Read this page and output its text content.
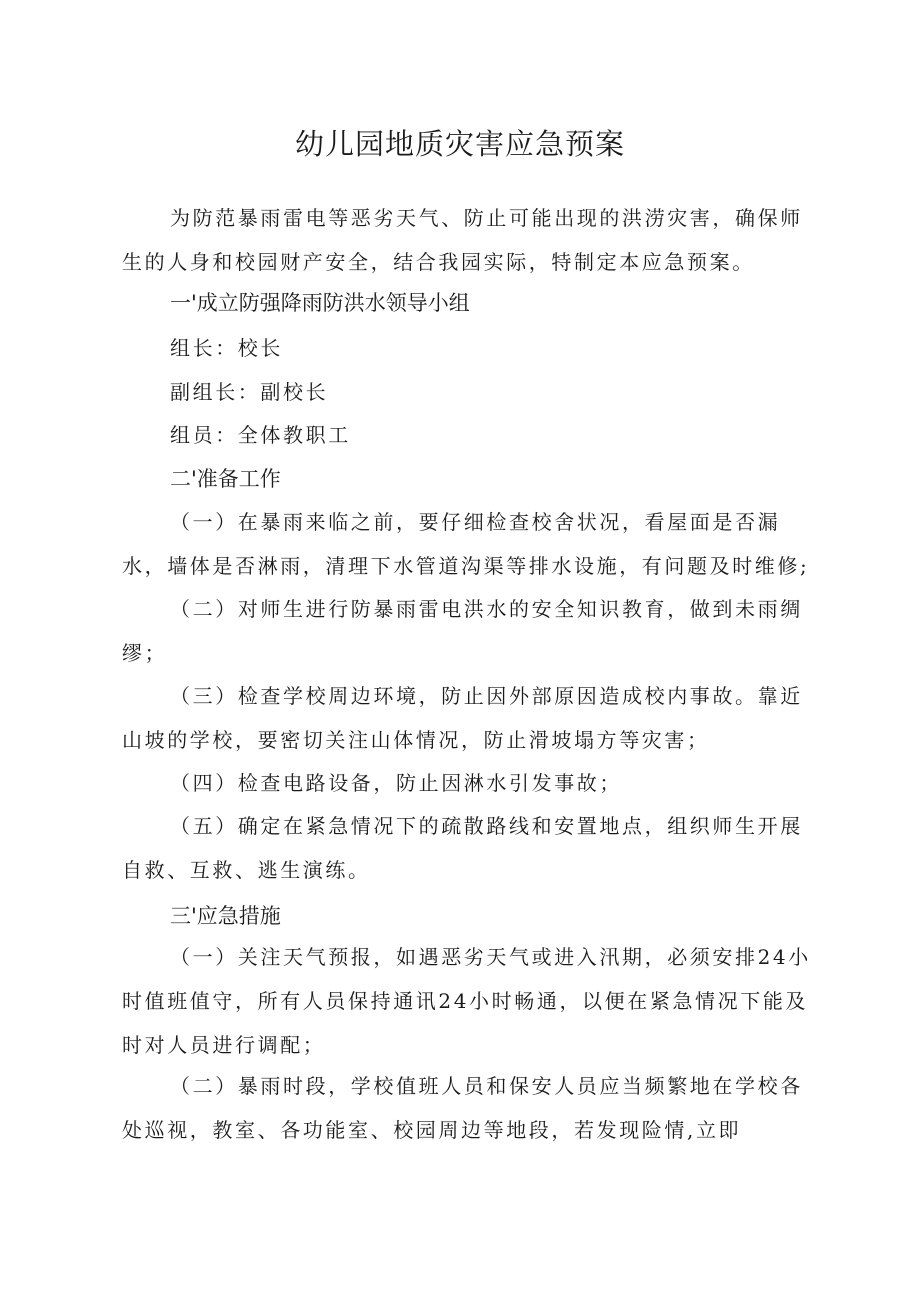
幼儿园地质灾害应急预案

为防范暴雨雷电等恶劣天气、防止可能出现的洪涝灾害，确保师生的人身和校园财产安全，结合我园实际，特制定本应急预案。

一'成立防强降雨防洪水领导小组

组长：校长

副组长：副校长

组员：全体教职工

二'准备工作

（一）在暴雨来临之前，要仔细检查校舍状况，看屋面是否漏水，墙体是否淋雨，清理下水管道沟渠等排水设施，有问题及时维修;

（二）对师生进行防暴雨雷电洪水的安全知识教育，做到未雨绸缪；

（三）检查学校周边环境，防止因外部原因造成校内事故。靠近山坡的学校，要密切关注山体情况，防止滑坡塌方等灾害；

（四）检查电路设备，防止因淋水引发事故；

（五）确定在紧急情况下的疏散路线和安置地点，组织师生开展自救、互救、逃生演练。

三'应急措施

（一）关注天气预报，如遇恶劣天气或进入汛期，必须安排24小时值班值守，所有人员保持通讯24小时畅通，以便在紧急情况下能及时对人员进行调配；

（二）暴雨时段，学校值班人员和保安人员应当频繁地在学校各处巡视，教室、各功能室、校园周边等地段，若发现险情,立即
